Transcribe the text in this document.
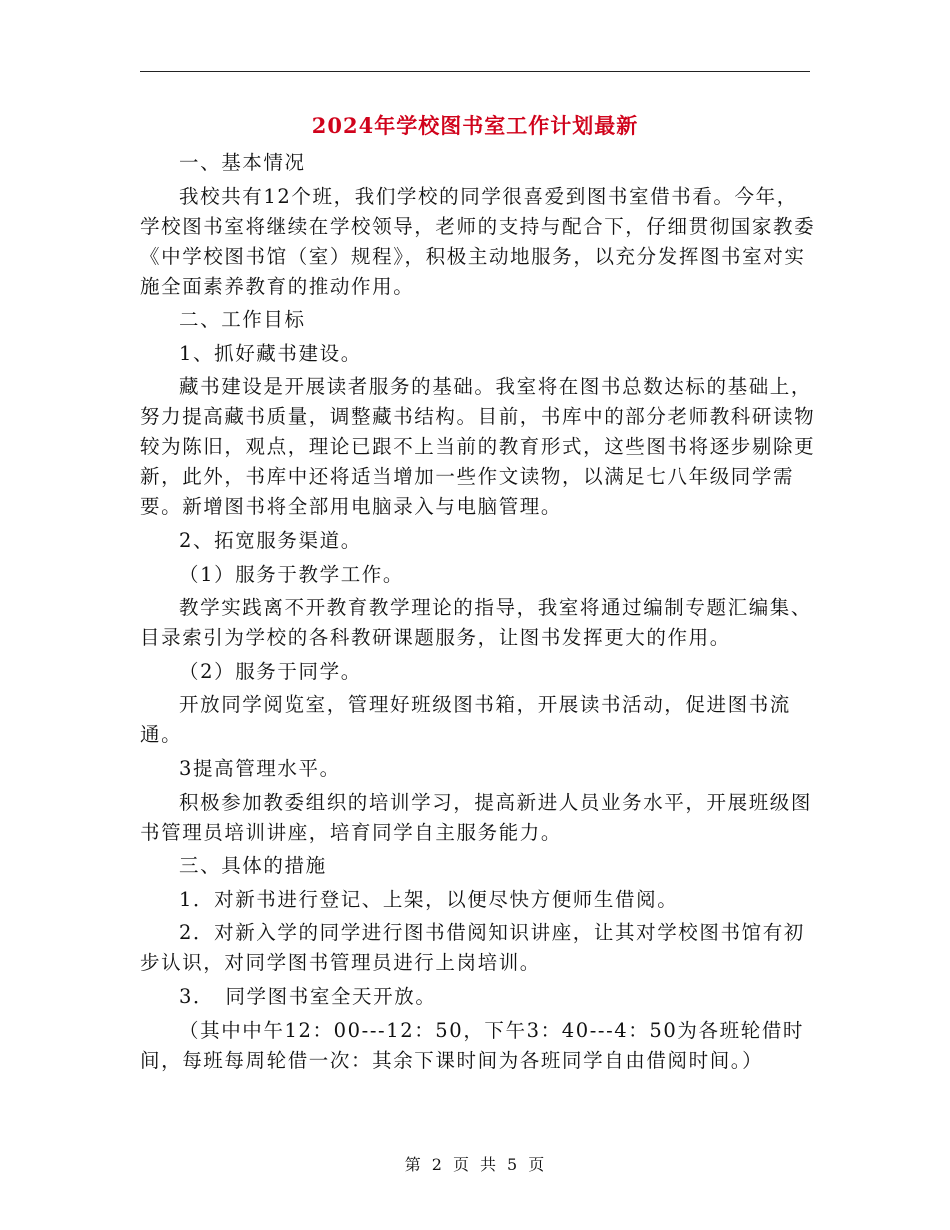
2024年学校图书室工作计划最新

一、基本情况

我校共有12个班，我们学校的同学很喜爱到图书室借书看。今年，学校图书室将继续在学校领导，老师的支持与配合下，仔细贯彻国家教委《中学校图书馆（室）规程》，积极主动地服务，以充分发挥图书室对实施全面素养教育的推动作用。

二、工作目标

1、抓好藏书建设。

藏书建设是开展读者服务的基础。我室将在图书总数达标的基础上，努力提高藏书质量，调整藏书结构。目前，书库中的部分老师教科研读物较为陈旧，观点，理论已跟不上当前的教育形式，这些图书将逐步剔除更新，此外，书库中还将适当增加一些作文读物，以满足七八年级同学需要。新增图书将全部用电脑录入与电脑管理。

2、拓宽服务渠道。

（1）服务于教学工作。

教学实践离不开教育教学理论的指导，我室将通过编制专题汇编集、目录索引为学校的各科教研课题服务，让图书发挥更大的作用。

（2）服务于同学。

开放同学阅览室，管理好班级图书箱，开展读书活动，促进图书流通。

3提高管理水平。

积极参加教委组织的培训学习，提高新进人员业务水平，开展班级图书管理员培训讲座，培育同学自主服务能力。

三、具体的措施

1．对新书进行登记、上架，以便尽快方便师生借阅。

2．对新入学的同学进行图书借阅知识讲座，让其对学校图书馆有初步认识，对同学图书管理员进行上岗培训。

3．　同学图书室全天开放。

（其中中午12：00---12：50，下午3：40---4：50为各班轮借时间，每班每周轮借一次：其余下课时间为各班同学自由借阅时间。）

第 2 页 共 5 页
